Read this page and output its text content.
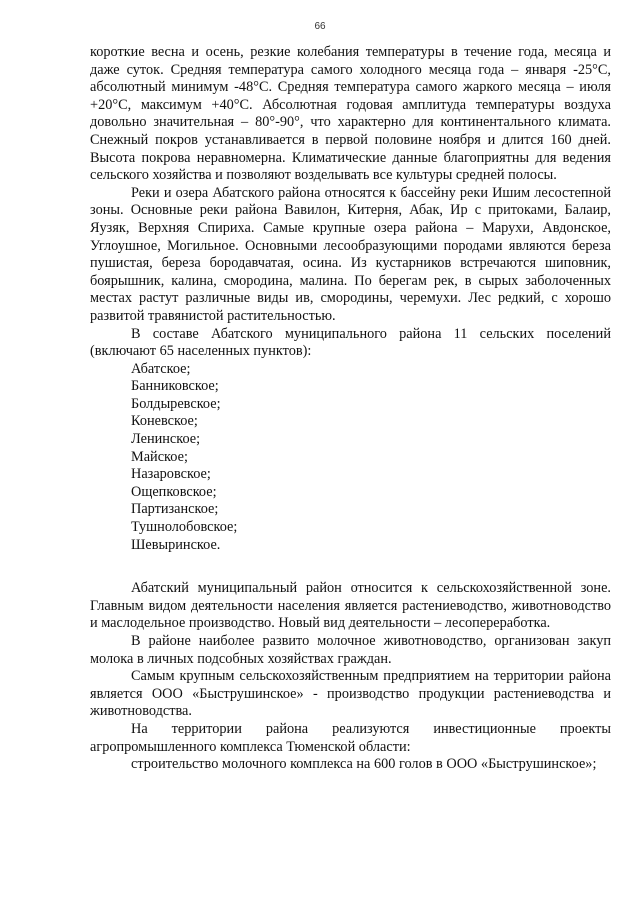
66

короткие весна и осень, резкие колебания температуры в течение года, месяца и даже суток. Средняя температура самого холодного месяца года – января -25°С, абсолютный минимум -48°С. Средняя температура самого жаркого месяца – июля +20°С, максимум +40°С. Абсолютная годовая амплитуда температуры воздуха довольно значительная – 80°-90°, что характерно для континентального климата. Снежный покров устанавливается в первой половине ноября и длится 160 дней. Высота покрова неравномерна. Климатические данные благоприятны для ведения сельского хозяйства и позволяют возделывать все культуры средней полосы.

Реки и озера Абатского района относятся к бассейну реки Ишим лесостепной зоны. Основные реки района Вавилон, Китерня, Абак, Ир с притоками, Балаир, Яузяк, Верхняя Спириха. Самые крупные озера района – Марухи, Авдонское, Углоушное, Могильное. Основными лесообразующими породами являются береза пушистая, береза бородавчатая, осина. Из кустарников встречаются шиповник, боярышник, калина, смородина, малина. По берегам рек, в сырых заболоченных местах растут различные виды ив, смородины, черемухи. Лес редкий, с хорошо развитой травянистой растительностью.

В составе Абатского муниципального района 11 сельских поселений (включают 65 населенных пунктов):

Абатское;
Банниковское;
Болдыревское;
Коневское;
Ленинское;
Майское;
Назаровское;
Ощепковское;
Партизанское;
Тушнолобовское;
Шевыринское.

Абатский муниципальный район относится к сельскохозяйственной зоне. Главным видом деятельности населения является растениеводство, животноводство и маслодельное производство. Новый вид деятельности – лесопереработка.

В районе наиболее развито молочное животноводство, организован закуп молока в личных подсобных хозяйствах граждан.

Самым крупным сельскохозяйственным предприятием на территории района является ООО «Быструшинское» - производство продукции растениеводства и животноводства.

На территории района реализуются инвестиционные проекты агропромышленного комплекса Тюменской области:

строительство молочного комплекса на 600 голов в ООО «Быструшинское»;
